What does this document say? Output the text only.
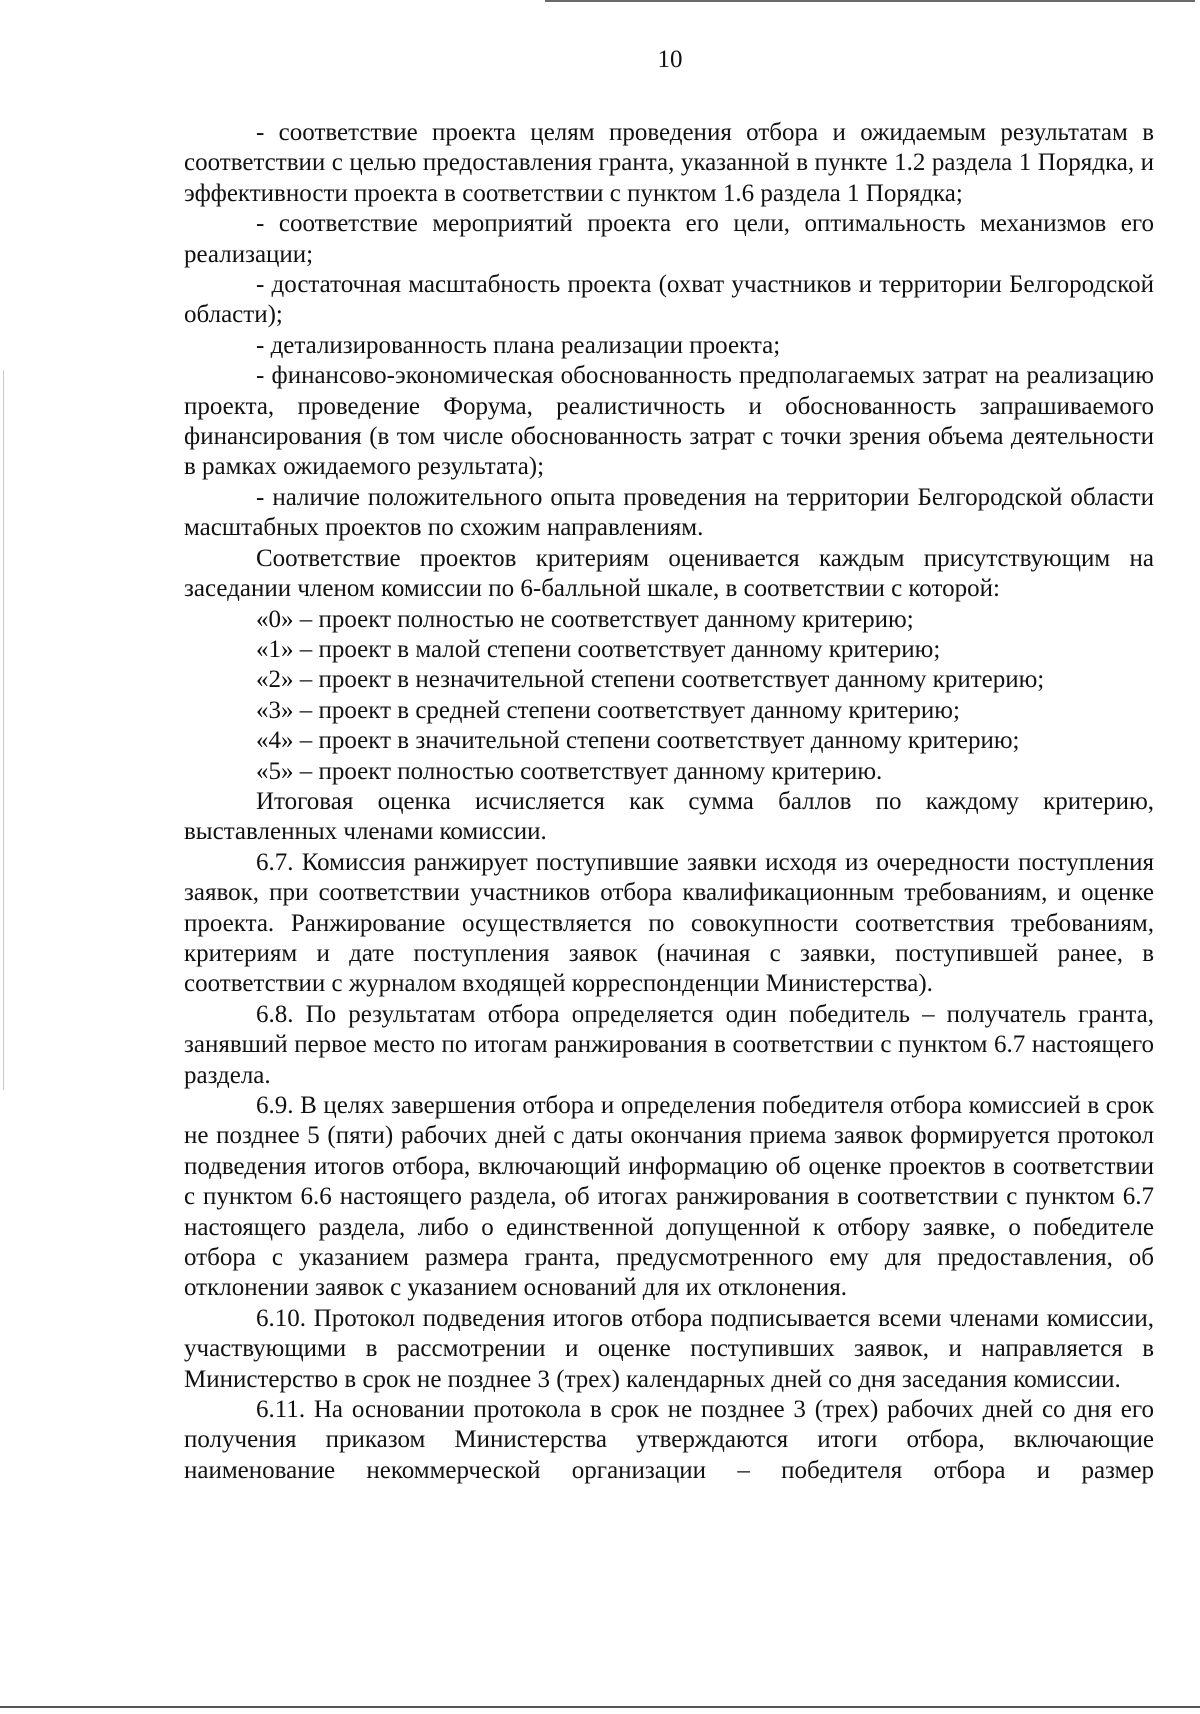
10

- соответствие проекта целям проведения отбора и ожидаемым результатам в соответствии с целью предоставления гранта, указанной в пункте 1.2 раздела 1 Порядка, и эффективности проекта в соответствии с пунктом 1.6 раздела 1 Порядка;

- соответствие мероприятий проекта его цели, оптимальность механизмов его реализации;

- достаточная масштабность проекта (охват участников и территории Белгородской области);

- детализированность плана реализации проекта;

- финансово-экономическая обоснованность предполагаемых затрат на реализацию проекта, проведение Форума, реалистичность и обоснованность запрашиваемого финансирования (в том числе обоснованность затрат с точки зрения объема деятельности в рамках ожидаемого результата);

- наличие положительного опыта проведения на территории Белгородской области масштабных проектов по схожим направлениям.

Соответствие проектов критериям оценивается каждым присутствующим на заседании членом комиссии по 6-балльной шкале, в соответствии с которой:

«0» – проект полностью не соответствует данному критерию;

«1» – проект в малой степени соответствует данному критерию;

«2» – проект в незначительной степени соответствует данному критерию;

«3» – проект в средней степени соответствует данному критерию;

«4» – проект в значительной степени соответствует данному критерию;

«5» – проект полностью соответствует данному критерию.

Итоговая оценка исчисляется как сумма баллов по каждому критерию, выставленных членами комиссии.

6.7. Комиссия ранжирует поступившие заявки исходя из очередности поступления заявок, при соответствии участников отбора квалификационным требованиям, и оценке проекта. Ранжирование осуществляется по совокупности соответствия требованиям, критериям и дате поступления заявок (начиная с заявки, поступившей ранее, в соответствии с журналом входящей корреспонденции Министерства).

6.8. По результатам отбора определяется один победитель – получатель гранта, занявший первое место по итогам ранжирования в соответствии с пунктом 6.7 настоящего раздела.

6.9. В целях завершения отбора и определения победителя отбора комиссией в срок не позднее 5 (пяти) рабочих дней с даты окончания приема заявок формируется протокол подведения итогов отбора, включающий информацию об оценке проектов в соответствии с пунктом 6.6 настоящего раздела, об итогах ранжирования в соответствии с пунктом 6.7 настоящего раздела, либо о единственной допущенной к отбору заявке, о победителе отбора с указанием размера гранта, предусмотренного ему для предоставления, об отклонении заявок с указанием оснований для их отклонения.

6.10. Протокол подведения итогов отбора подписывается всеми членами комиссии, участвующими в рассмотрении и оценке поступивших заявок, и направляется в Министерство в срок не позднее 3 (трех) календарных дней со дня заседания комиссии.

6.11. На основании протокола в срок не позднее 3 (трех) рабочих дней со дня его получения приказом Министерства утверждаются итоги отбора, включающие наименование некоммерческой организации – победителя отбора и размер
